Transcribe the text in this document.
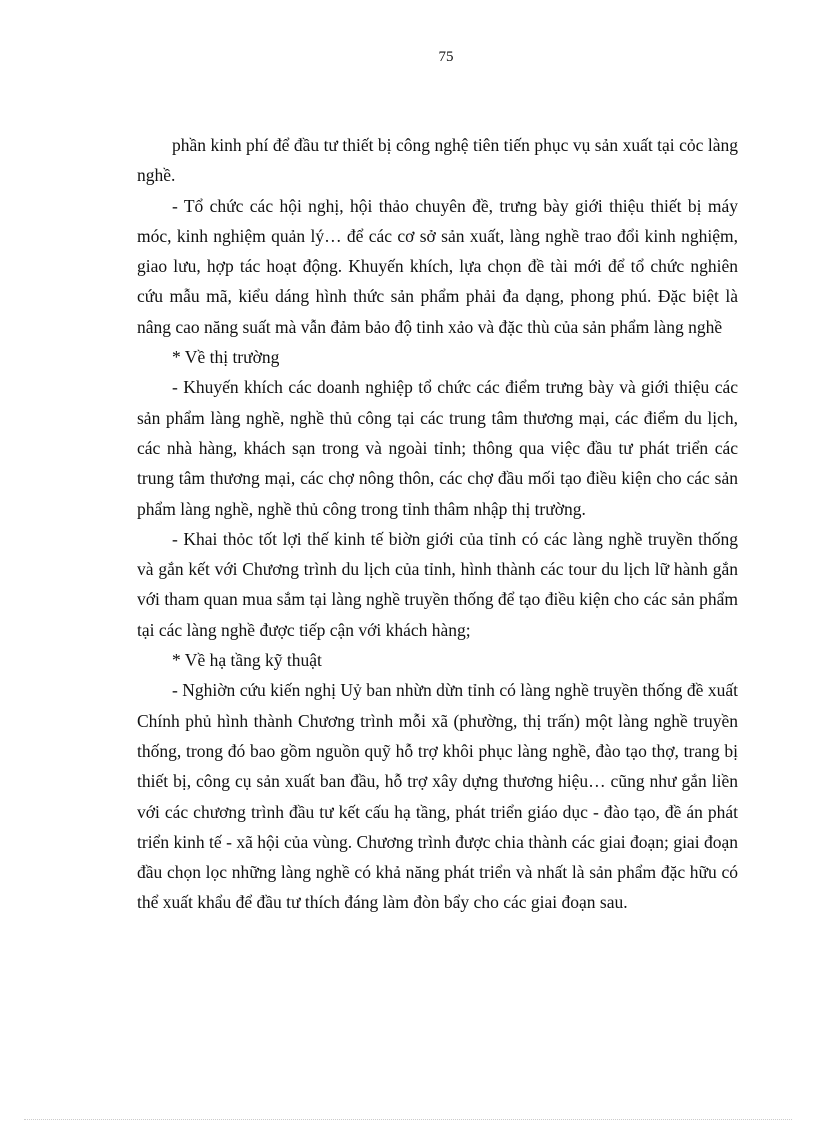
75

phần kinh phí để đầu tư thiết bị công nghệ tiên tiến phục vụ sản xuất tại cỏc làng nghề.

- Tổ chức các hội nghị, hội thảo chuyên đề, trưng bày giới thiệu thiết bị máy móc, kinh nghiệm quản lý… để các cơ sở sản xuất, làng nghề trao đổi kinh nghiệm, giao lưu, hợp tác hoạt động. Khuyến khích, lựa chọn đề tài mới để tổ chức nghiên cứu mẫu mã, kiểu dáng hình thức sản phẩm phải đa dạng, phong phú. Đặc biệt là nâng cao năng suất mà vẫn đảm bảo độ tinh xảo và đặc thù của sản phẩm làng nghề

* Về thị trường

- Khuyến khích các doanh nghiệp tổ chức các điểm trưng bày và giới thiệu các sản phẩm làng nghề, nghề thủ công tại các trung tâm thương mại, các điểm du lịch, các nhà hàng, khách sạn trong và ngoài tỉnh; thông qua việc đầu tư phát triển các trung tâm thương mại, các chợ nông thôn, các chợ đầu mối tạo điều kiện cho các sản phẩm làng nghề, nghề thủ công trong tỉnh thâm nhập thị trường.

- Khai thỏc tốt lợi thế kinh tế biờn giới của tỉnh có các làng nghề truyền thống và gắn kết với Chương trình du lịch của tỉnh, hình thành các tour du lịch lữ hành gắn với tham quan mua sắm tại làng nghề truyền thống để tạo điều kiện cho các sản phẩm tại các làng nghề được tiếp cận với khách hàng;

* Về hạ tầng kỹ thuật

- Nghiờn cứu kiến nghị Uỷ ban nhừn dừn tỉnh có làng nghề truyền thống đề xuất Chính phủ hình thành Chương trình mỗi xã (phường, thị trấn) một làng nghề truyền thống, trong đó bao gồm nguồn quỹ hỗ trợ khôi phục làng nghề, đào tạo thợ, trang bị thiết bị, công cụ sản xuất ban đầu, hỗ trợ xây dựng thương hiệu… cũng như gắn liền với các chương trình đầu tư kết cấu hạ tầng, phát triển giáo dục - đào tạo, đề án phát triển kinh tế - xã hội của vùng. Chương trình được chia thành các giai đoạn; giai đoạn đầu chọn lọc những làng nghề có khả năng phát triển và nhất là sản phẩm đặc hữu có thể xuất khẩu để đầu tư thích đáng làm đòn bẩy cho các giai đoạn sau.
